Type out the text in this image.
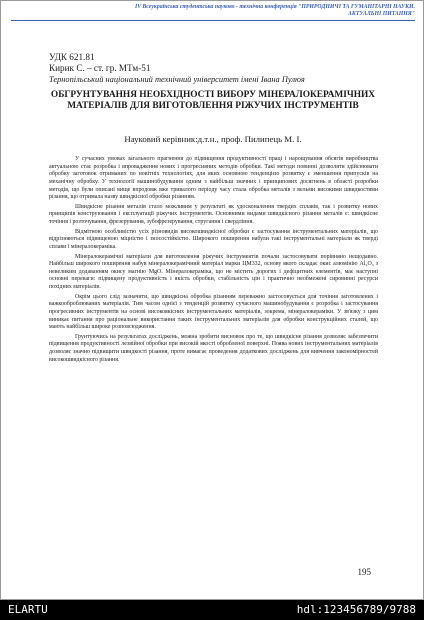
IV Всеукраїнська студентська науково - технічна конференція "ПРИРОДНИЧІ ТА ГУМАНІТАРНІ НАУКИ.
АКТУАЛЬНІ ПИТАННЯ"
УДК 621.81
Кирик С. – ст. гр. МТм-51
Тернопільський національний технічний університет імені Івана Пулюя
ОБГРУНТУВАННЯ НЕОБХІДНОСТІ ВИБОРУ МІНЕРАЛОКЕРАМІЧНИХ МАТЕРІАЛІВ ДЛЯ ВИГОТОВЛЕННЯ РІЖУЧИХ ІНСТРУМЕНТІВ
Науковий керівник:д.т.н., проф. Пилипець М. І.

У сучасних умовах загального прагнення до підвищення продуктивності праці і нарощування обсягів виробництва актуальною стає розробка і впровадження нових і прогресивних методів обробки. Такі методи повинні дозволяти здійснювати обробку заготовок отриманих по новітніх технологіях, для яких основною тенденцією розвитку є зменшення припусків на механічну обробку. У технології машинобудування одним з найбільш значних і принципових досягнень в області розробки методів, що були описані вище впродовж вже тривалого періоду часу стала обробка металів з вельми високими швидкостями різання, що отримала назву швидкісної обробки різанням.

Швидкісне різання металів стало можливим у результаті як удосконалення твердих сплавів, так і розвитку нових принципів конструювання і експлуатації ріжучих інструментів. Основними видами швидкісного різання металів є: швидкісне точіння і розточування, фрезерування, зубофрезерування, стругання і свердління.

Відмітною особливістю усіх різновидів високошвидкісної обробки є застосування інструментальних матеріалів, що відрізняються підвищеною міцністю і зносостійкістю. Широкого поширення набули такі інструментальні матеріали як тверді сплави і мінералокераміка.

Мінералокерамічні матеріали для виготовлення ріжучих інструментів почали застосовувати порівняно нещодавно. Найбільш широкого поширення набув мінералокерамічний матеріал марки ЦМ332, основу якого складає окис алюмінію Al₂O₃ з невеликим додаванням окису магнію MgO. Мінералокераміка, що не містить дорогих і дефіцитних елементів, має наступні основні переваги: підвищену продуктивність і якість обробки, стабільність цін і практично необмежені сировинні ресурси похідних матеріалів.

Окрім цього слід зазначити, що швидкісна обробка різанням переважно застосовується для точіння заготовлених і важкооброблюваних матеріалів. Тим часом однієї з тенденцій розвитку сучасного машинобудування є розробка і застосування прогресивних інструментів на основі високоякісних інструментальних матеріалів, зокрема, мінералокераміки. У зв'язку з цим виникає питання про раціональне використання таких інструментальних матеріалів для обробки конструкційних сталей, що мають найбільш широке розповсюдження.

Грунтуючись на результатах досліджень, можна зробити висновок про те, що швидкісне різання дозволяє забезпечити підвищення продуктивності лезвійної обробки при високій якості обробленої поверхні. Поява нових інструментальних матеріалів дозволяє значно підвищити швидкості різання, проте вимагає проведення додаткових досліджень для вивчення закономірностей високошвидкісного різання.

195
ELARTU	hdl:123456789/9788
